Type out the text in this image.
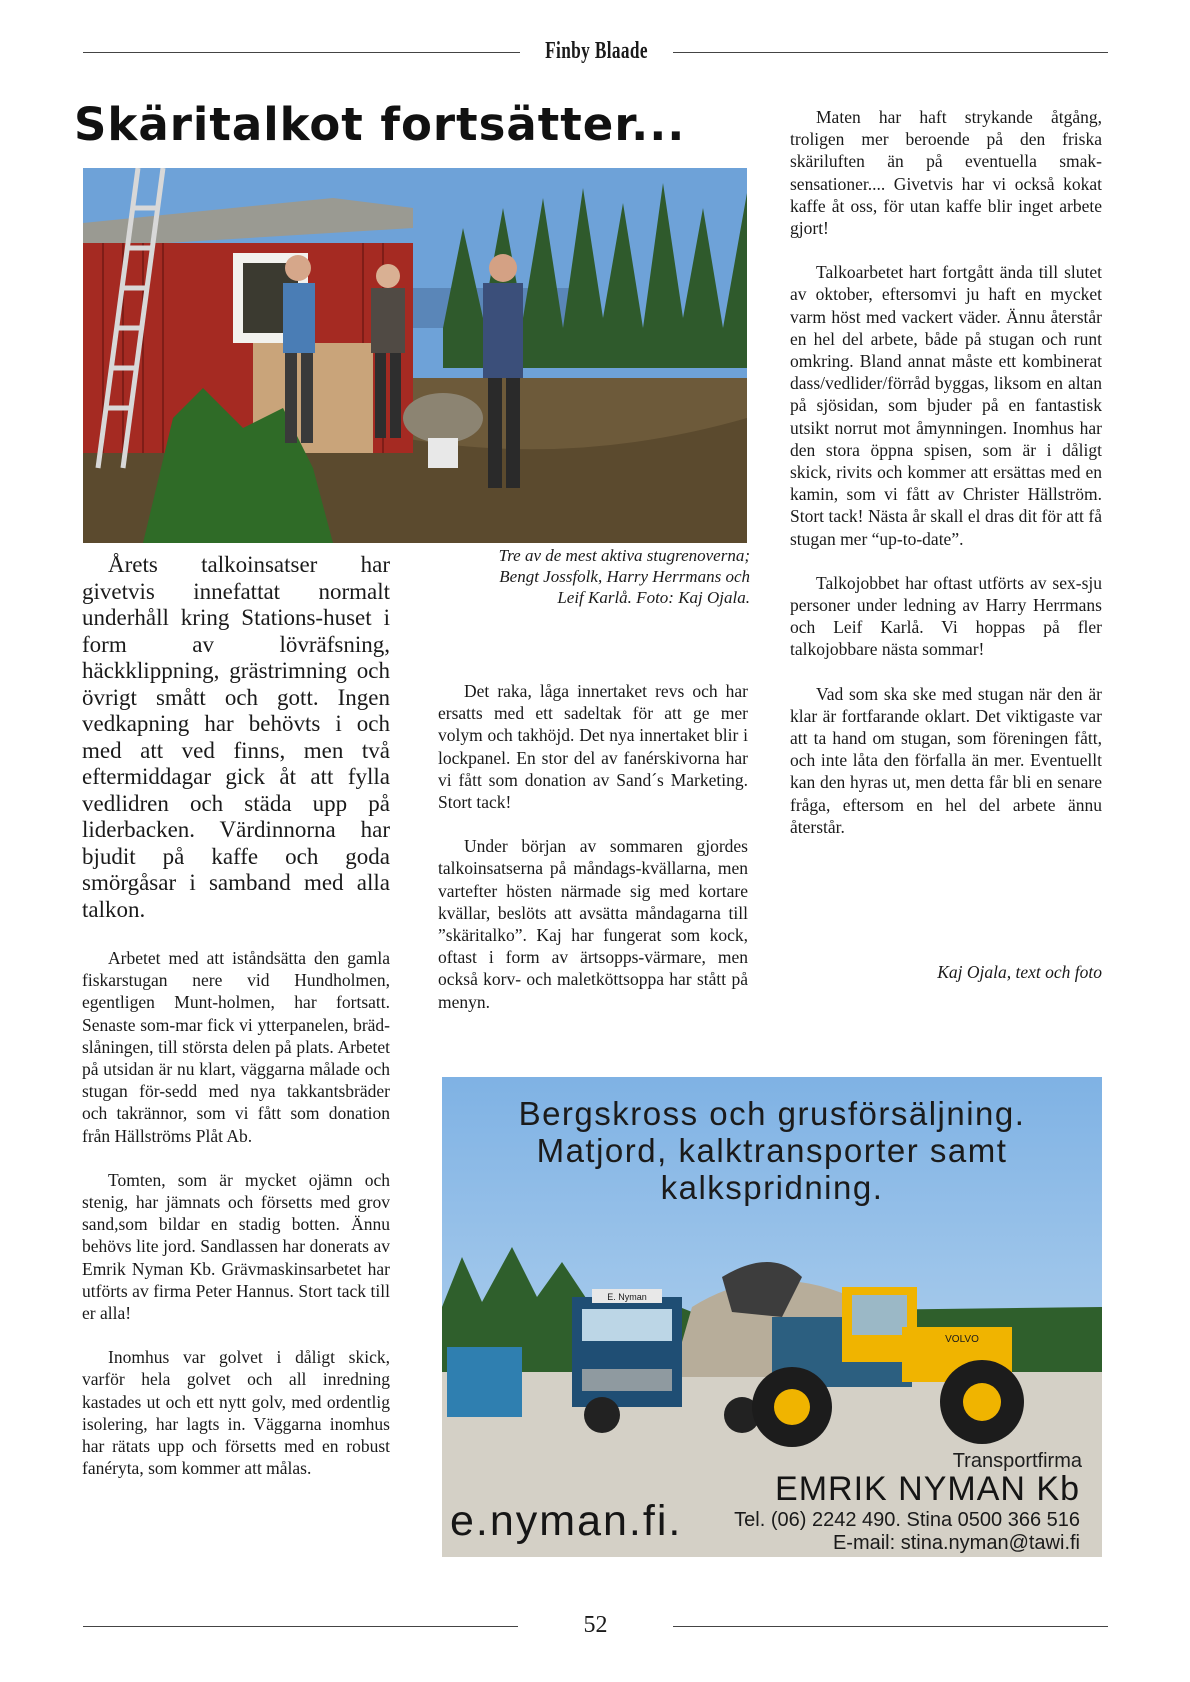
Finby Blaade
Skäritalkot fortsätter...
Tre av de mest aktiva stugrenoverna;
Bengt Jossfolk, Harry Herrmans och
Leif Karlå. Foto: Kaj Ojala.

Årets talkoinsatser har givetvis innefattat normalt underhåll kring Stations-huset i form av lövräfsning, häckklippning, grästrimning och övrigt smått och gott. Ingen vedkapning har behövts i och med att ved finns, men två eftermiddagar gick åt att fylla vedlidren och städa upp på liderbacken. Värdinnorna har bjudit på kaffe och goda smörgåsar i samband med alla talkon.

Arbetet med att iståndsätta den gamla fiskarstugan nere vid Hundholmen, egentligen Munt-holmen, har fortsatt. Senaste som-mar fick vi ytterpanelen, bräd-slåningen, till största delen på plats. Arbetet på utsidan är nu klart, väggarna målade och stugan för-sedd med nya takkantsbräder och takrännor, som vi fått som donation från Hällströms Plåt Ab.

Tomten, som är mycket ojämn och stenig, har jämnats och försetts med grov sand,som bildar en stadig botten. Ännu behövs lite jord. Sandlassen har donerats av Emrik Nyman Kb. Grävmaskinsarbetet har utförts av firma Peter Hannus. Stort tack till er alla!

Inomhus var golvet i dåligt skick, varför hela golvet och all inredning kastades ut och ett nytt golv, med ordentlig isolering, har lagts in. Väggarna inomhus har rätats upp och försetts med en robust fanéryta, som kommer att målas.

Det raka, låga innertaket revs och har ersatts med ett sadeltak för att ge mer volym och takhöjd. Det nya innertaket blir i lockpanel. En stor del av fanérskivorna har vi fått som donation av Sand´s Marketing. Stort tack!

Under början av sommaren gjordes talkoinsatserna på måndags-kvällarna, men vartefter hösten närmade sig med kortare kvällar, beslöts att avsätta måndagarna till ”skäritalko”. Kaj har fungerat som kock, oftast i form av ärtsopps-värmare, men också korv- och maletköttsoppa har stått på menyn.

Maten har haft strykande åtgång, troligen mer beroende på den friska skäriluften än på eventuella smak-sensationer.... Givetvis har vi också kokat kaffe åt oss, för utan kaffe blir inget arbete gjort!

Talkoarbetet hart fortgått ända till slutet av oktober, eftersomvi ju haft en mycket varm höst med vackert väder. Ännu återstår en hel del arbete, både på stugan och runt omkring. Bland annat måste ett kombinerat dass/vedlider/förråd byggas, liksom en altan på sjösidan, som bjuder på en fantastisk utsikt norrut mot åmynningen. Inomhus har den stora öppna spisen, som är i dåligt skick, rivits och kommer att ersättas med en kamin, som vi fått av Christer Hällström. Stort tack! Nästa år skall el dras dit för att få stugan mer “up-to-date”.

Talkojobbet har oftast utförts av sex-sju personer under ledning av Harry Herrmans och Leif Karlå. Vi hoppas på fler talkojobbare nästa sommar!

Vad som ska ske med stugan när den är klar är fortfarande oklart. Det viktigaste var att ta hand om stugan, som föreningen fått, och inte låta den förfalla än mer. Eventuellt kan den hyras ut, men detta får bli en senare fråga, eftersom en hel del arbete ännu återstår.

Kaj Ojala, text och foto
E. Nyman
VOLVO
Bergskross och grusförsäljning.
Matjord, kalktransporter samt
kalkspridning.
Transportfirma
EMRIK NYMAN Kb
e.nyman.fi.	Tel. (06) 2242 490. Stina 0500 366 516
E-mail: stina.nyman@tawi.fi
52
